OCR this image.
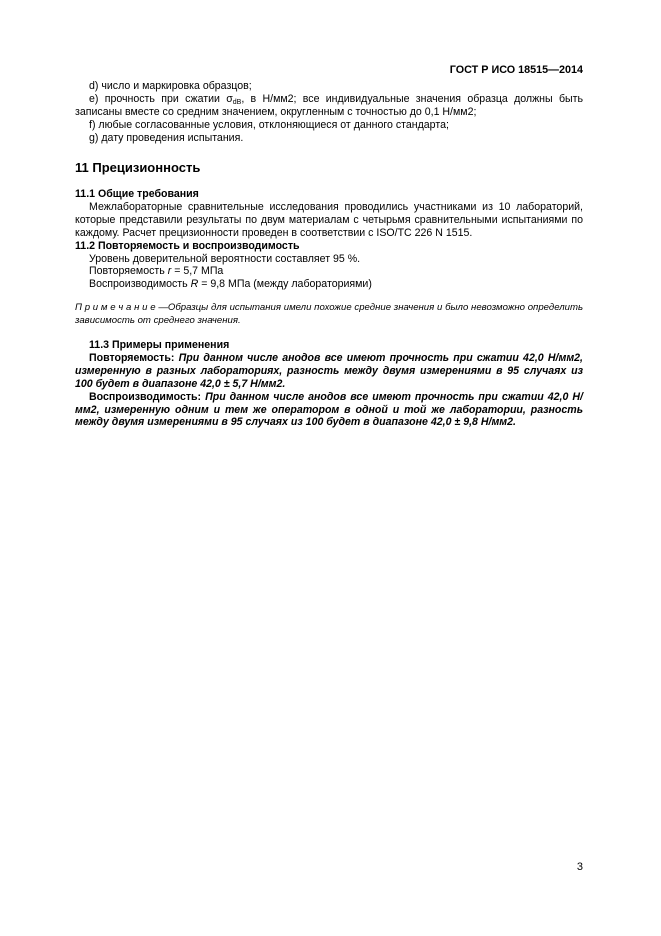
ГОСТ Р ИСО 18515—2014

d) число и маркировка образцов;

e) прочность при сжатии $\sigma_{dB}$, в Н/мм2; все индивидуальные значения образца должны быть записаны вместе со средним значением, округленным с точностью до 0,1 Н/мм2;

f) любые согласованные условия, отклоняющиеся от данного стандарта;

g) дату проведения испытания.

11 Прецизионность

11.1 Общие требования

Межлабораторные сравнительные исследования проводились участниками из 10 лабораторий, которые представили результаты по двум материалам с четырьмя сравнительными испытаниями по каждому. Расчет прецизионности проведен в соответствии с ISO/TC 226 N 1515.

11.2 Повторяемость и воспроизводимость

Уровень доверительной вероятности составляет 95 %.

Повторяемость r = 5,7 МПа

Воспроизводимость R = 9,8 МПа (между лабораториями)

П р и м е ч а н и е —Образцы для испытания имели похожие средние значения и было невозможно определить зависимость от среднего значения.

11.3 Примеры применения

Повторяемость: При данном числе анодов все имеют прочность при сжатии 42,0 Н/мм2, измеренную в разных лабораториях, разность между двумя измерениями в 95 случаях из 100 будет в диапазоне 42,0 ± 5,7 Н/мм2.

Воспроизводимость: При данном числе анодов все имеют прочность при сжатии 42,0 Н/мм2, измеренную одним и тем же оператором в одной и той же лаборатории, разность между двумя измерениями в 95 случаях из 100 будет в диапазоне 42,0 ± 9,8 Н/мм2.

3
